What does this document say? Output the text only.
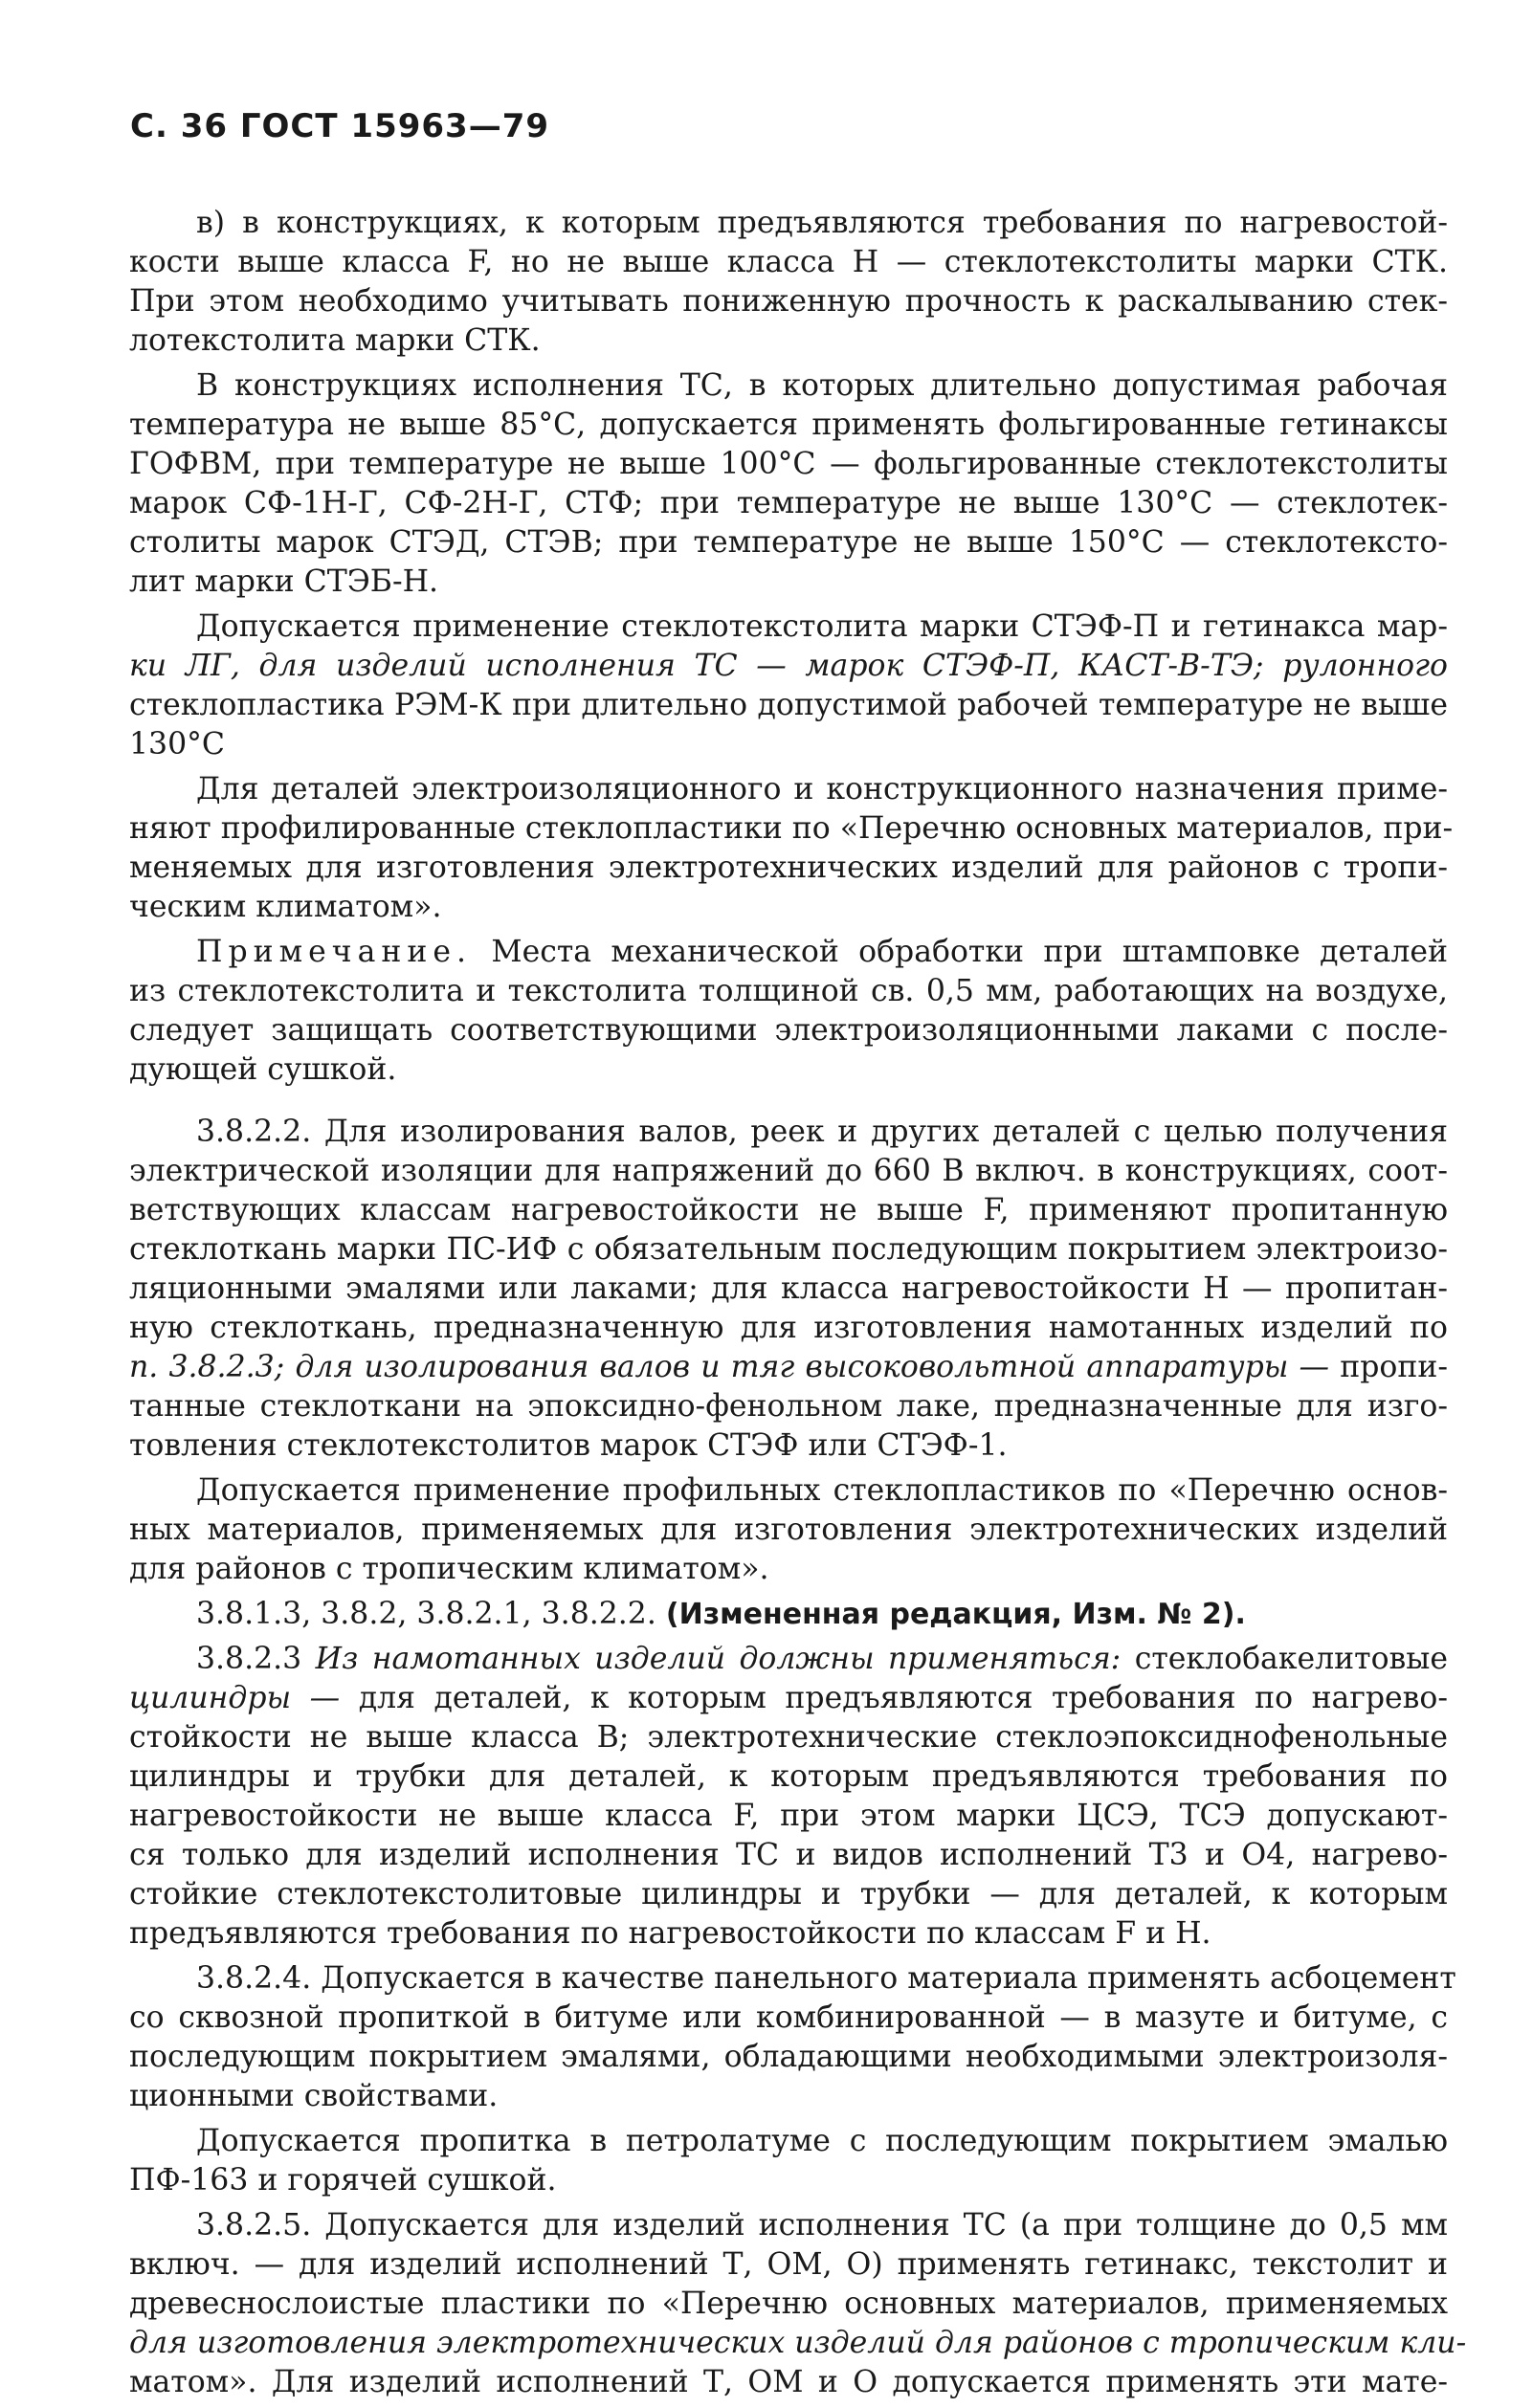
С. 36 ГОСТ 15963—79
в) в конструкциях, к которым предъявляются требования по нагревостой-
кости выше класса F, но не выше класса Н — стеклотекстолиты марки СТК.
При этом необходимо учитывать пониженную прочность к раскалыванию стек-
лотекстолита марки СТК.
В конструкциях исполнения ТС, в которых длительно допустимая рабочая
температура не выше 85°С, допускается применять фольгированные гетинаксы
ГОФВМ, при температуре не выше 100°С — фольгированные стеклотекстолиты
марок СФ-1Н-Г, СФ-2Н-Г, СТФ; при температуре не выше 130°С — стеклотек-
столиты марок СТЭД, СТЭВ; при температуре не выше 150°С — стеклотексто-
лит марки СТЭБ-Н.
Допускается применение стеклотекстолита марки СТЭФ-П и гетинакса мар-
ки ЛГ, для изделий исполнения ТС — марок СТЭФ-П, КАСТ-В-ТЭ; рулонного
стеклопластика РЭМ-К при длительно допустимой рабочей температуре не выше
130°С
Для деталей электроизоляционного и конструкционного назначения приме-
няют профилированные стеклопластики по «Перечню основных материалов, при-
меняемых для изготовления электротехнических изделий для районов с тропи-
ческим климатом».
Примечание. Места механической обработки при штамповке деталей
из стеклотекстолита и текстолита толщиной св. 0,5 мм, работающих на воздухе,
следует защищать соответствующими электроизоляционными лаками с после-
дующей сушкой.
3.8.2.2. Для изолирования валов, реек и других деталей с целью получения
электрической изоляции для напряжений до 660 В включ. в конструкциях, соот-
ветствующих классам нагревостойкости не выше F, применяют пропитанную
стеклоткань марки ПС-ИФ с обязательным последующим покрытием электроизо-
ляционными эмалями или лаками; для класса нагревостойкости Н — пропитан-
ную стеклоткань, предназначенную для изготовления намотанных изделий по
п. 3.8.2.3; для изолирования валов и тяг высоковольтной аппаратуры — пропи-
танные стеклоткани на эпоксидно-фенольном лаке, предназначенные для изго-
товления стеклотекстолитов марок СТЭФ или СТЭФ-1.
Допускается применение профильных стеклопластиков по «Перечню основ-
ных материалов, применяемых для изготовления электротехнических изделий
для районов с тропическим климатом».
3.8.1.3, 3.8.2, 3.8.2.1, 3.8.2.2. (Измененная редакция, Изм. № 2).
3.8.2.3 Из намотанных изделий должны применяться: стеклобакелитовые
цилиндры — для деталей, к которым предъявляются требования по нагрево-
стойкости не выше класса В; электротехнические стеклоэпоксиднофенольные
цилиндры и трубки для деталей, к которым предъявляются требования по
нагревостойкости не выше класса F, при этом марки ЦСЭ, ТСЭ допускают-
ся только для изделий исполнения ТС и видов исполнений Т3 и О4, нагрево-
стойкие стеклотекстолитовые цилиндры и трубки — для деталей, к которым
предъявляются требования по нагревостойкости по классам F и Н.
3.8.2.4. Допускается в качестве панельного материала применять асбоцемент
со сквозной пропиткой в битуме или комбинированной — в мазуте и битуме, с
последующим покрытием эмалями, обладающими необходимыми электроизоля-
ционными свойствами.
Допускается пропитка в петролатуме с последующим покрытием эмалью
ПФ-163 и горячей сушкой.
3.8.2.5. Допускается для изделий исполнения ТС (а при толщине до 0,5 мм
включ. — для изделий исполнений Т, ОМ, О) применять гетинакс, текстолит и
древеснослоистые пластики по «Перечню основных материалов, применяемых
для изготовления электротехнических изделий для районов с тропическим кли-
матом». Для изделий исполнений Т, ОМ и О допускается применять эти мате-
